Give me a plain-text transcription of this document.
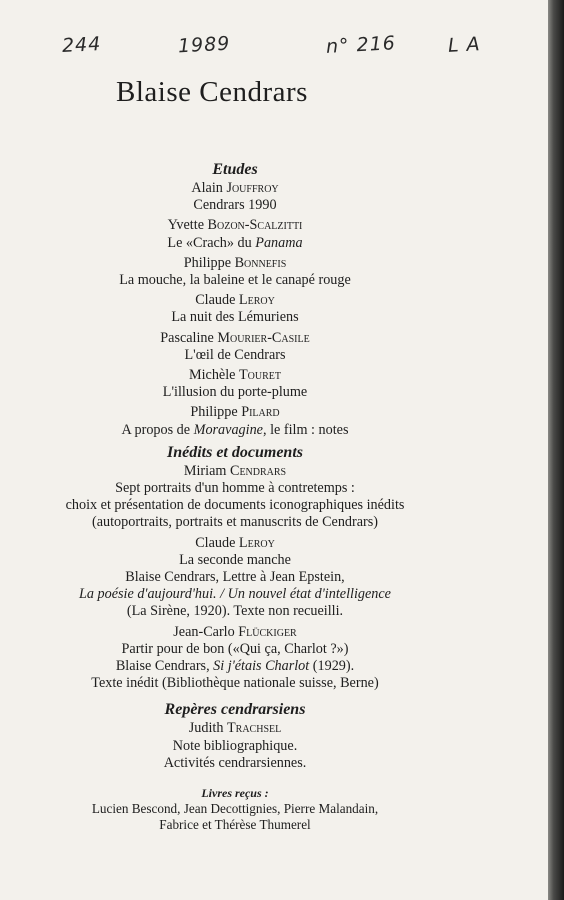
244	1989	n° 216	L A
Blaise Cendrars
Etudes
Alain Jouffroy
Cendrars 1990
Yvette Bozon-Scalzitti
Le «Crach» du Panama
Philippe Bonnefis
La mouche, la baleine et le canapé rouge
Claude Leroy
La nuit des Lémuriens
Pascaline Mourier-Casile
L'œil de Cendrars
Michèle Touret
L'illusion du porte-plume
Philippe Pilard
A propos de Moravagine, le film : notes
Inédits et documents
Miriam Cendrars
Sept portraits d'un homme à contretemps :
choix et présentation de documents iconographiques inédits
(autoportraits, portraits et manuscrits de Cendrars)
Claude Leroy
La seconde manche
Blaise Cendrars, Lettre à Jean Epstein,
La poésie d'aujourd'hui. / Un nouvel état d'intelligence
(La Sirène, 1920). Texte non recueilli.
Jean-Carlo Flückiger
Partir pour de bon («Qui ça, Charlot ?»)
Blaise Cendrars, Si j'étais Charlot (1929).
Texte inédit (Bibliothèque nationale suisse, Berne)
Repères cendrarsiens
Judith Trachsel
Note bibliographique.
Activités cendrarsiennes.
Livres reçus :
Lucien Bescond, Jean Decottignies, Pierre Malandain,
Fabrice et Thérèse Thumerel
